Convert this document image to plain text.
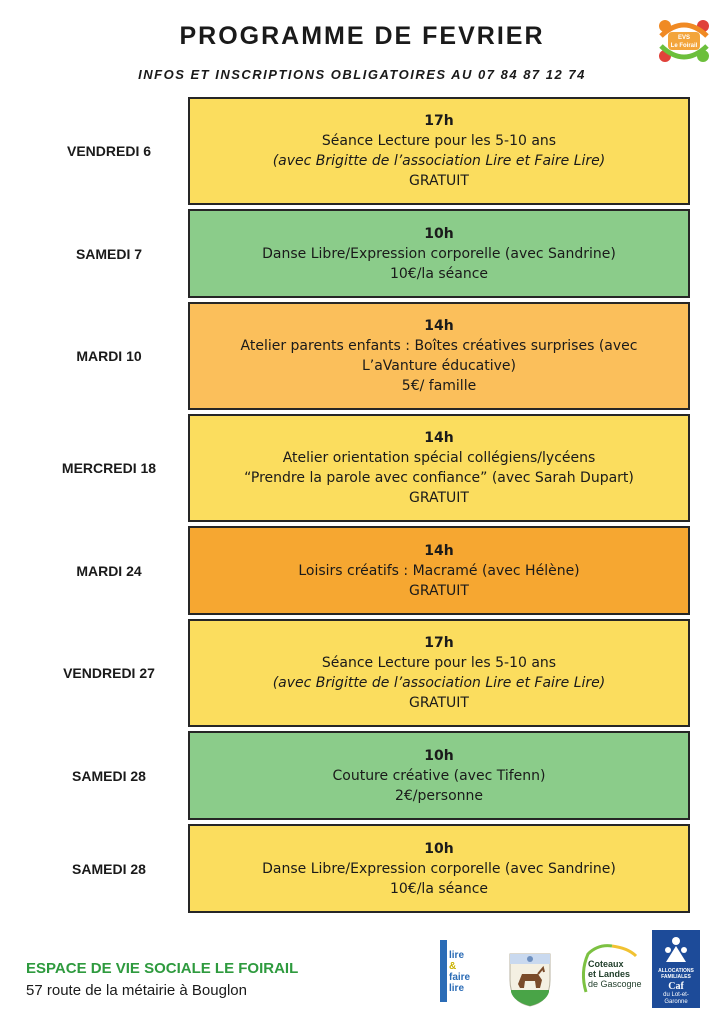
PROGRAMME DE FEVRIER
INFOS ET INSCRIPTIONS OBLIGATOIRES AU 07 84 87 12 74
EVS
Le Foirail
VENDREDI 6
17h
Séance Lecture pour les 5-10 ans
(avec Brigitte de l’association Lire et Faire Lire)
GRATUIT
SAMEDI 7
10h
Danse Libre/Expression corporelle (avec Sandrine)
10€/la séance
MARDI 10
14h
Atelier parents enfants : Boîtes créatives surprises (avec
L’aVanture éducative)
5€/ famille
MERCREDI 18
14h
Atelier orientation spécial collégiens/lycéens
“Prendre la parole avec confiance” (avec Sarah Dupart)
GRATUIT
MARDI 24
14h
Loisirs créatifs : Macramé (avec Hélène)
GRATUIT
VENDREDI 27
17h
Séance Lecture pour les 5-10 ans
(avec Brigitte de l’association Lire et Faire Lire)
GRATUIT
SAMEDI 28
10h
Couture créative (avec Tifenn)
2€/personne
SAMEDI 28
10h
Danse Libre/Expression corporelle (avec Sandrine)
10€/la séance
ESPACE DE VIE SOCIALE LE FOIRAIL
57 route de la métairie à Bouglon
lire
&
faire
lire
Coteaux
et Landes
de Gascogne
ALLOCATIONS FAMILIALES
Caf
du Lot-et-Garonne
